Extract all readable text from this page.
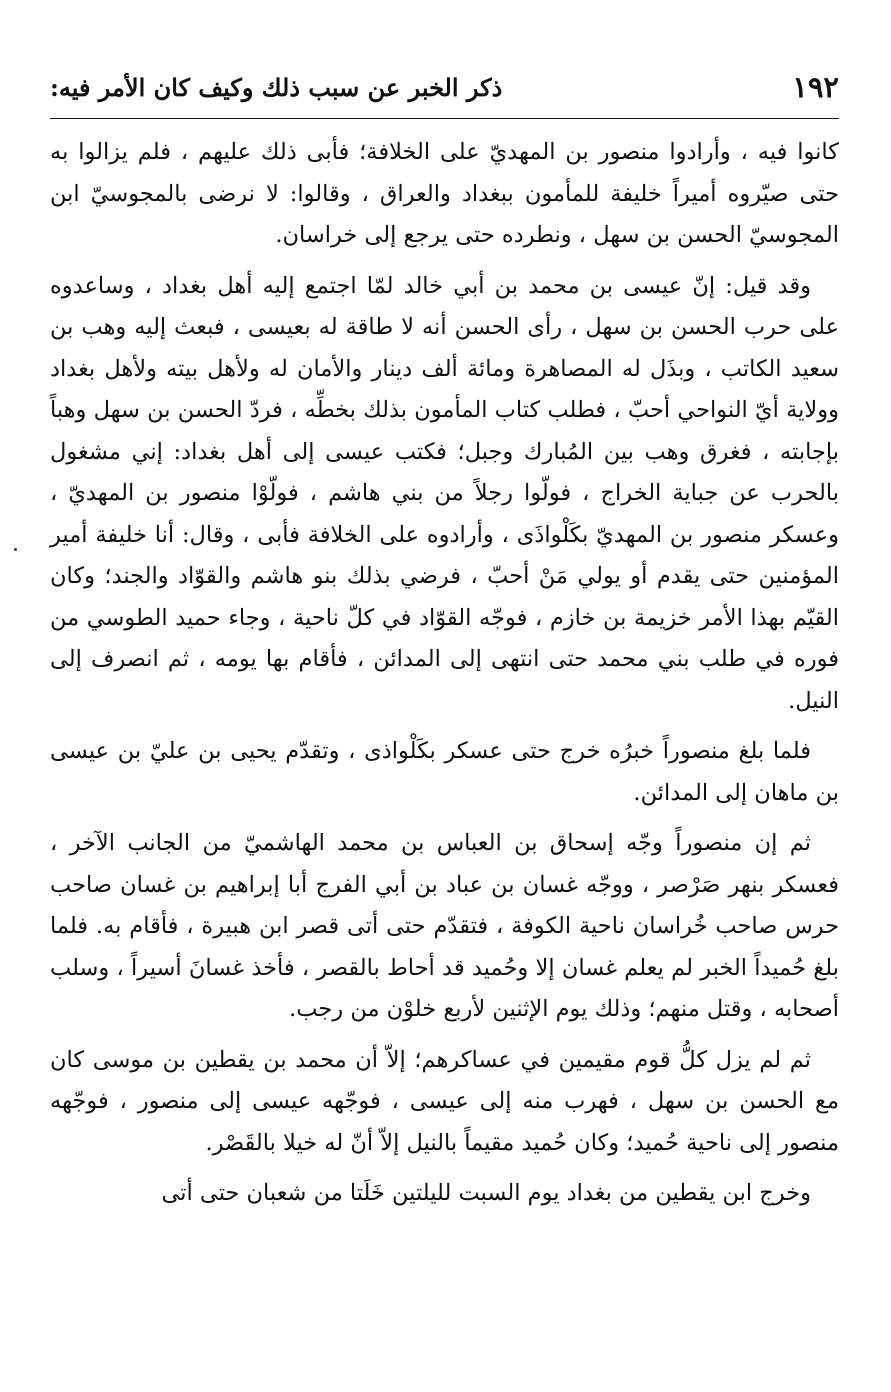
١٩٢
ذكر الخبر عن سبب ذلك وكيف كان الأمر فيه:

كانوا فيه ، وأرادوا منصور بن المهديّ على الخلافة؛ فأبى ذلك عليهم ، فلم يزالوا به حتى صيّروه أميراً خليفة للمأمون ببغداد والعراق ، وقالوا: لا نرضى بالمجوسيّ ابن المجوسيّ الحسن بن سهل ، ونطرده حتى يرجع إلى خراسان.

وقد قيل: إنّ عيسى بن محمد بن أبي خالد لمّا اجتمع إليه أهل بغداد ، وساعدوه على حرب الحسن بن سهل ، رأى الحسن أنه لا طاقة له بعيسى ، فبعث إليه وهب بن سعيد الكاتب ، وبذَل له المصاهرة ومائة ألف دينار والأمان له ولأهل بيته ولأهل بغداد وولاية أيّ النواحي أحبّ ، فطلب كتاب المأمون بذلك بخطِّه ، فردّ الحسن بن سهل وهباً بإجابته ، فغرق وهب بين المُبارك وجبل؛ فكتب عيسى إلى أهل بغداد: إني مشغول بالحرب عن جباية الخراج ، فولّوا رجلاً من بني هاشم ، فولّوْا منصور بن المهديّ ، وعسكر منصور بن المهديّ بكَلْواذَى ، وأرادوه على الخلافة فأبى ، وقال: أنا خليفة أمير المؤمنين حتى يقدم أو يولي مَنْ أحبّ ، فرضي بذلك بنو هاشم والقوّاد والجند؛ وكان القيّم بهذا الأمر خزيمة بن خازم ، فوجّه القوّاد في كلّ ناحية ، وجاء حميد الطوسي من فوره في طلب بني محمد حتى انتهى إلى المدائن ، فأقام بها يومه ، ثم انصرف إلى النيل.

فلما بلغ منصوراً خبرُه خرج حتى عسكر بكَلْواذى ، وتقدّم يحيى بن عليّ بن عيسى بن ماهان إلى المدائن.

ثم إن منصوراً وجّه إسحاق بن العباس بن محمد الهاشميّ من الجانب الآخر ، فعسكر بنهر صَرْصر ، ووجّه غسان بن عباد بن أبي الفرج أبا إبراهيم بن غسان صاحب حرس صاحب خُراسان ناحية الكوفة ، فتقدّم حتى أتى قصر ابن هبيرة ، فأقام به. فلما بلغ حُميداً الخبر لم يعلم غسان إلا وحُميد قد أحاط بالقصر ، فأخذ غسانَ أسيراً ، وسلب أصحابه ، وقتل منهم؛ وذلك يوم الإثنين لأربع خلوْن من رجب.

ثم لم يزل كلُّ قوم مقيمين في عساكرهم؛ إلاّ أن محمد بن يقطين بن موسى كان مع الحسن بن سهل ، فهرب منه إلى عيسى ، فوجّهه عيسى إلى منصور ، فوجّهه منصور إلى ناحية حُميد؛ وكان حُميد مقيماً بالنيل إلاّ أنّ له خيلا بالقَصْر.

وخرج ابن يقطين من بغداد يوم السبت لليلتين خَلَتا من شعبان حتى أتى
